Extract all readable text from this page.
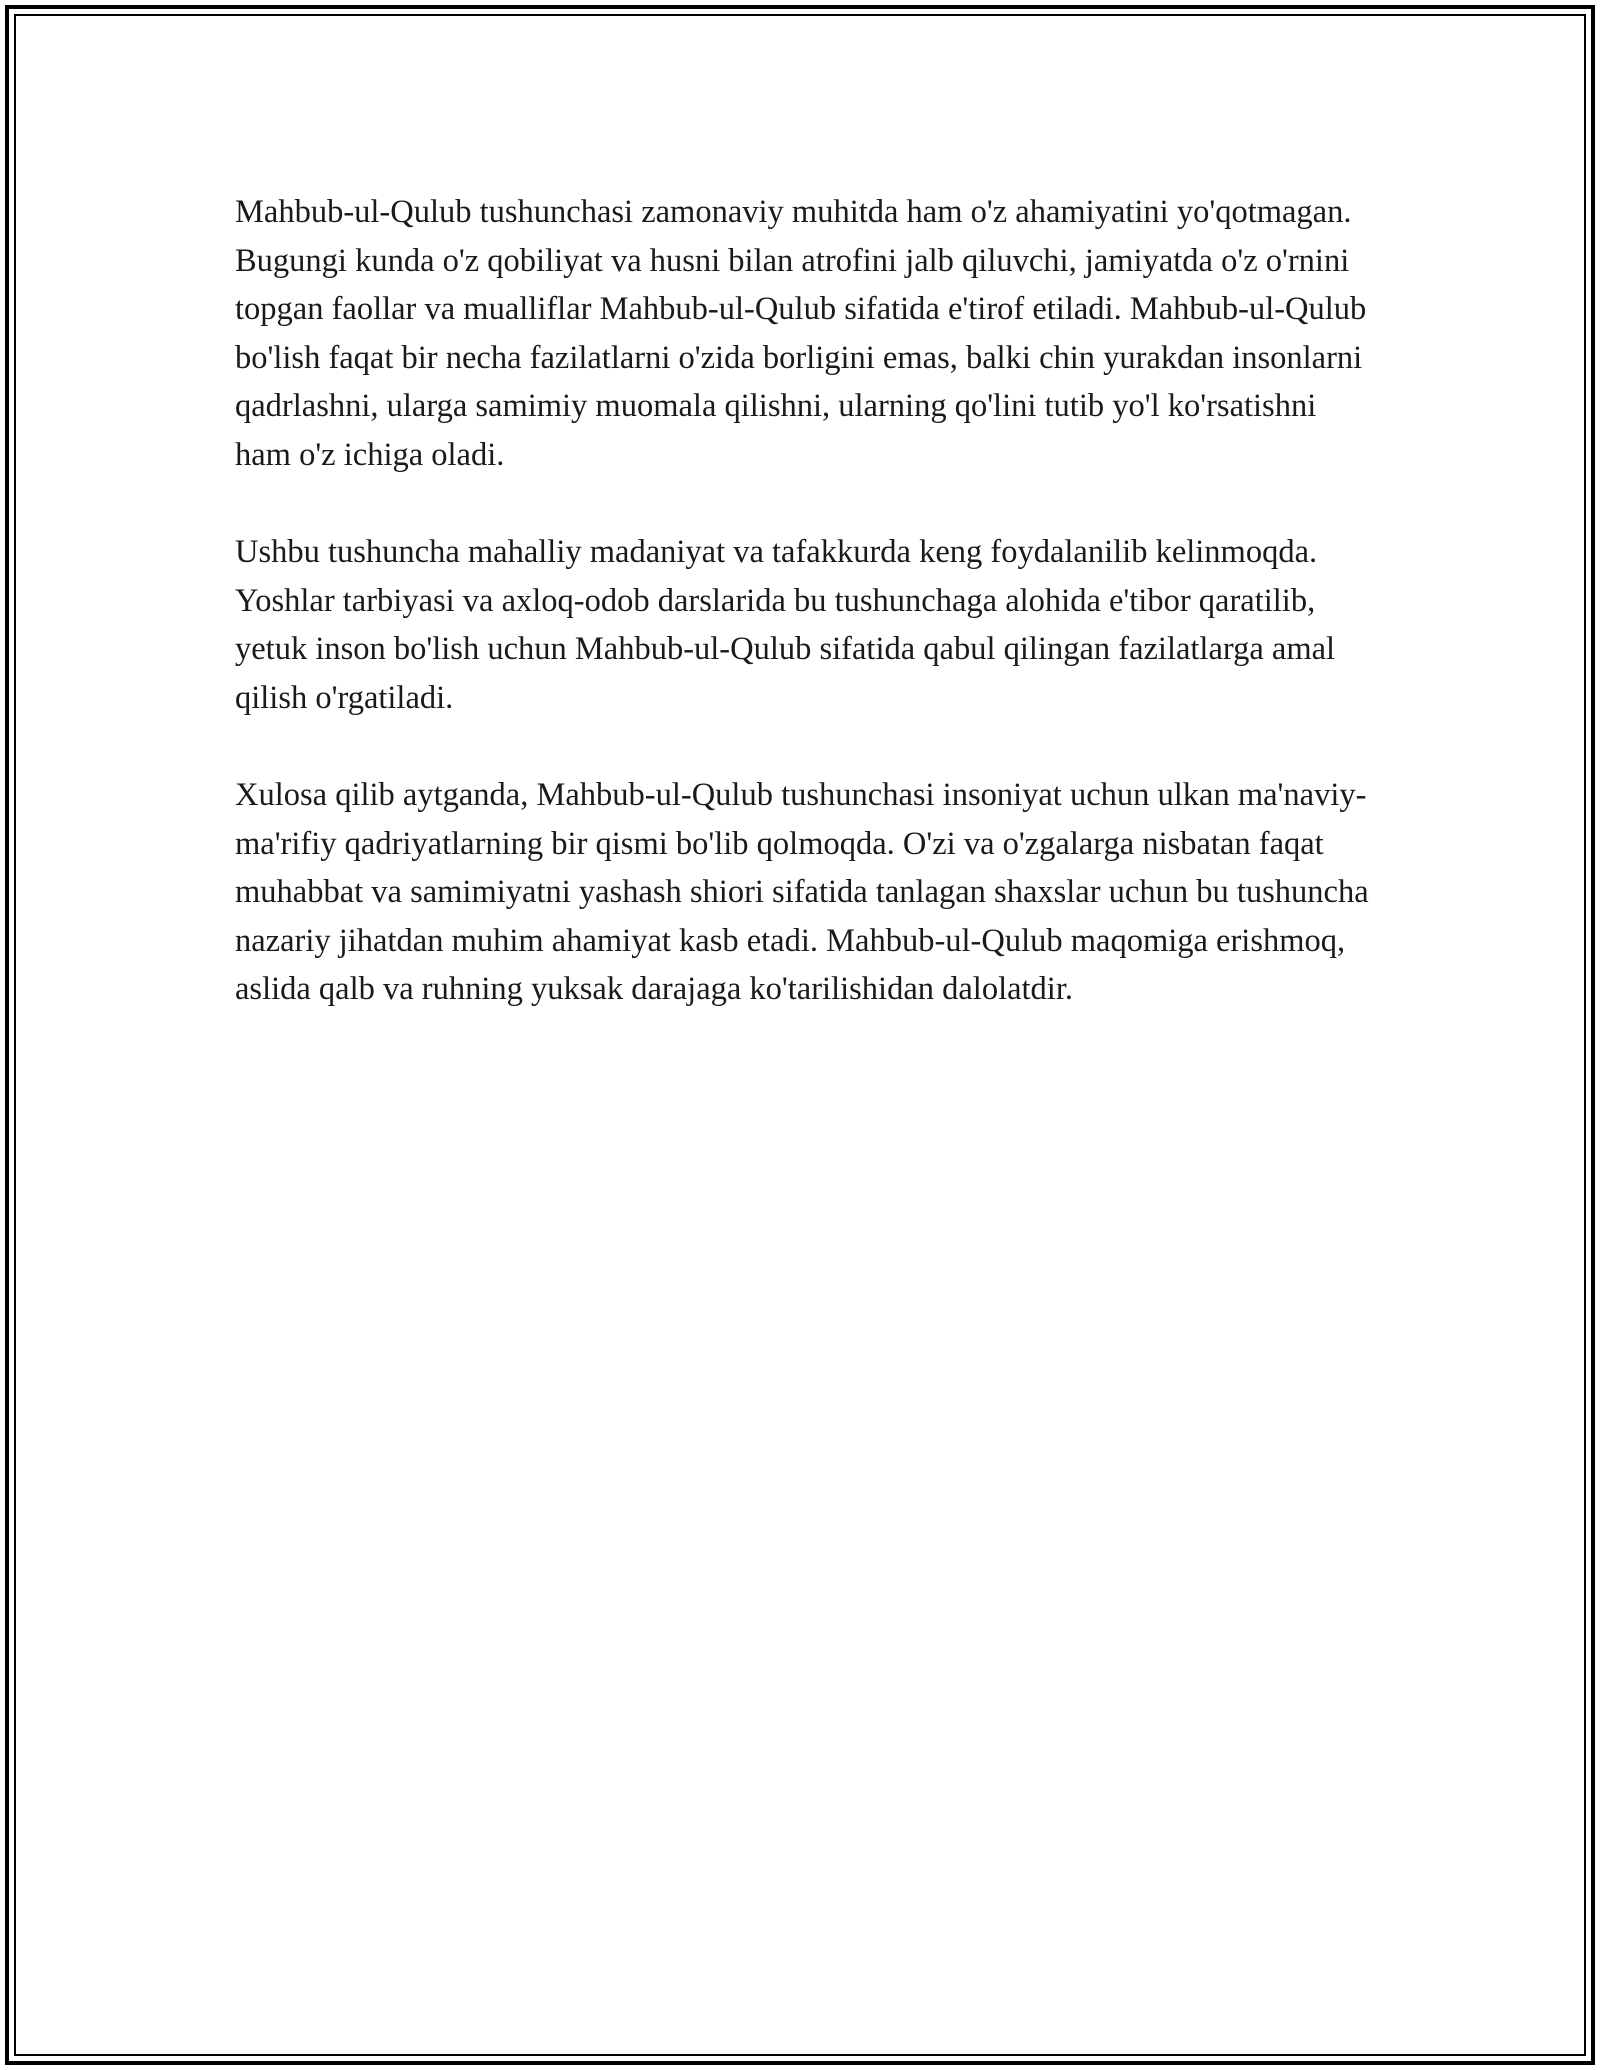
Mahbub-ul-Qulub tushunchasi zamonaviy muhitda ham o'z ahamiyatini yo'qotmagan. Bugungi kunda o'z qobiliyat va husni bilan atrofini jalb qiluvchi, jamiyatda o'z o'rnini topgan faollar va mualliflar Mahbub-ul-Qulub sifatida e'tirof etiladi. Mahbub-ul-Qulub bo'lish faqat bir necha fazilatlarni o'zida borligini emas, balki chin yurakdan insonlarni qadrlashni, ularga samimiy muomala qilishni, ularning qo'lini tutib yo'l ko'rsatishni ham o'z ichiga oladi.

Ushbu tushuncha mahalliy madaniyat va tafakkurda keng foydalanilib kelinmoqda. Yoshlar tarbiyasi va axloq-odob darslarida bu tushunchaga alohida e'tibor qaratilib, yetuk inson bo'lish uchun Mahbub-ul-Qulub sifatida qabul qilingan fazilatlarga amal qilish o'rgatiladi.

Xulosa qilib aytganda, Mahbub-ul-Qulub tushunchasi insoniyat uchun ulkan ma'naviy-ma'rifiy qadriyatlarning bir qismi bo'lib qolmoqda. O'zi va o'zgalarga nisbatan faqat muhabbat va samimiyatni yashash shiori sifatida tanlagan shaxslar uchun bu tushuncha nazariy jihatdan muhim ahamiyat kasb etadi. Mahbub-ul-Qulub maqomiga erishmoq, aslida qalb va ruhning yuksak darajaga ko'tarilishidan dalolatdir.
